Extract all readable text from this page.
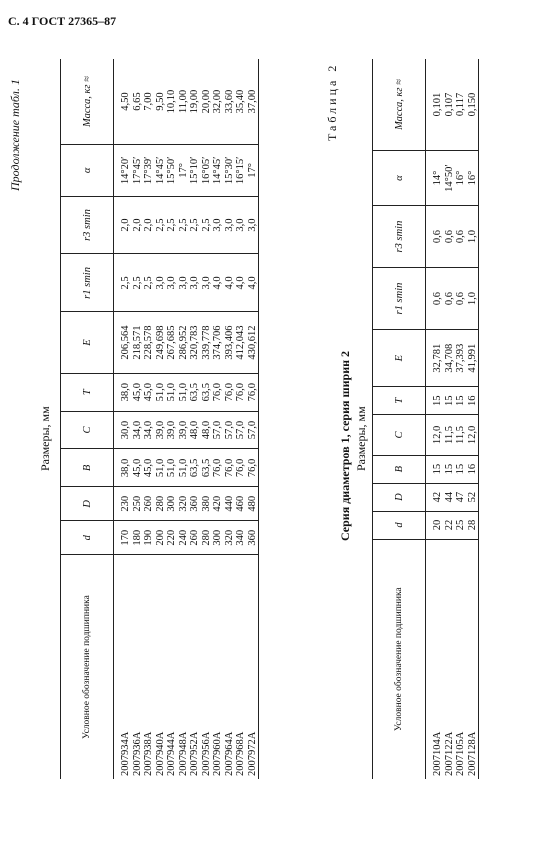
С. 4 ГОСТ 27365–87
Продолжение табл. 1
Размеры, мм
Условное обозначение подшипника	d	D	B	C	T	E	r1 smin	r3 smin	α	Масса, кг ≈
2007934A	170	230	38,0	30,0	38,0	206,564	2,5	2,0	14°20′	4,50
2007936A	180	250	45,0	34,0	45,0	218,571	2,5	2,0	17°45′	6,65
2007938A	190	260	45,0	34,0	45,0	228,578	2,5	2,0	17°39′	7,00
2007940A	200	280	51,0	39,0	51,0	249,698	3,0	2,5	14°45′	9,50
2007944A	220	300	51,0	39,0	51,0	267,685	3,0	2,5	15°50′	10,10
2007948A	240	320	51,0	39,0	51,0	286,952	3,0	2,5	17°	11,00
2007952A	260	360	63,5	48,0	63,5	320,783	3,0	2,5	15°10′	19,00
2007956A	280	380	63,5	48,0	63,5	339,778	3,0	2,5	16°05′	20,00
2007960A	300	420	76,0	57,0	76,0	374,706	4,0	3,0	14°45′	32,00
2007964A	320	440	76,0	57,0	76,0	393,406	4,0	3,0	15°30′	33,60
2007968A	340	460	76,0	57,0	76,0	412,043	4,0	3,0	16°15′	35,40
2007972A	360	480	76,0	57,0	76,0	430,612	4,0	3,0	17°	37,00	Таблица 2
Серия диаметров 1, серия ширин 2 Размеры, мм
Условное обозначение подшипника	d	D	B	C	T	E	r1 smin	r3 smin	α	Масса, кг ≈
2007104A	20	42	15	12,0	15	32,781	0,6	0,6	14°	0,101
2007122A	22	44	15	11,5	15	34,708	0,6	0,6	14°50′	0,107
2007105A	25	47	15	11,5	15	37,393	0,6	0,6	16°	0,117
2007128A	28	52	16	12,0	16	41,991	1,0	1,0	16°	0,150
